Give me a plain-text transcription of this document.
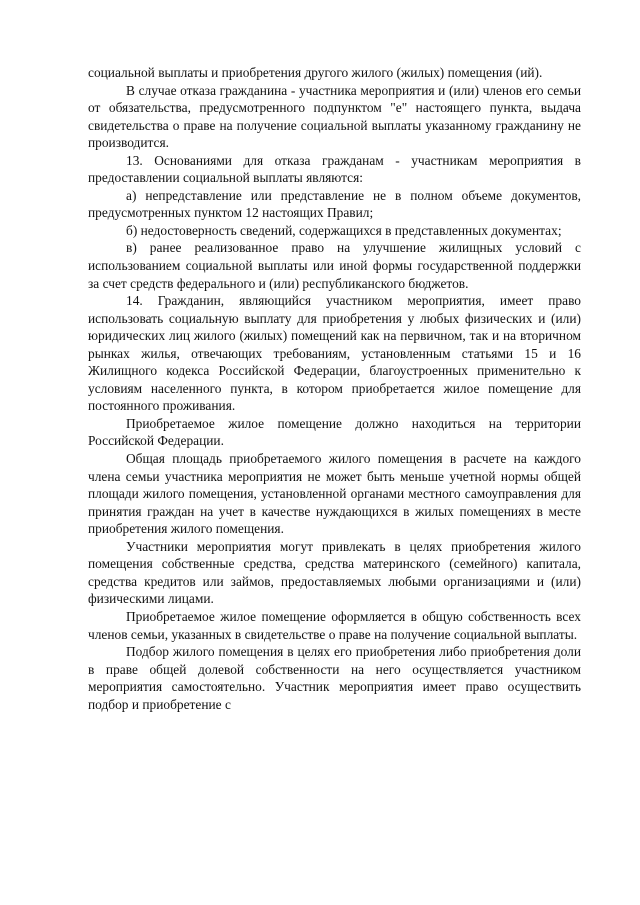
социальной выплаты и приобретения другого жилого (жилых) помещения (ий).

В случае отказа гражданина - участника мероприятия и (или) членов его семьи от обязательства, предусмотренного подпунктом "е" настоящего пункта, выдача свидетельства о праве на получение социальной выплаты указанному гражданину не производится.

13. Основаниями для отказа гражданам - участникам мероприятия в предоставлении социальной выплаты являются:

а) непредставление или представление не в полном объеме документов, предусмотренных пунктом 12 настоящих Правил;

б) недостоверность сведений, содержащихся в представленных документах;

в) ранее реализованное право на улучшение жилищных условий с использованием социальной выплаты или иной формы государственной поддержки за счет средств федерального и (или) республиканского бюджетов.

14. Гражданин, являющийся участником мероприятия, имеет право использовать социальную выплату для приобретения у любых физических и (или) юридических лиц жилого (жилых) помещений как на первичном, так и на вторичном рынках жилья, отвечающих требованиям, установленным статьями 15 и 16 Жилищного кодекса Российской Федерации, благоустроенных применительно к условиям населенного пункта, в котором приобретается жилое помещение для постоянного проживания.

Приобретаемое жилое помещение должно находиться на территории Российской Федерации.

Общая площадь приобретаемого жилого помещения в расчете на каждого члена семьи участника мероприятия не может быть меньше учетной нормы общей площади жилого помещения, установленной органами местного самоуправления для принятия граждан на учет в качестве нуждающихся в жилых помещениях в месте приобретения жилого помещения.

Участники мероприятия могут привлекать в целях приобретения жилого помещения собственные средства, средства материнского (семейного) капитала, средства кредитов или займов, предоставляемых любыми организациями и (или) физическими лицами.

Приобретаемое жилое помещение оформляется в общую собственность всех членов семьи, указанных в свидетельстве о праве на получение социальной выплаты.

Подбор жилого помещения в целях его приобретения либо приобретения доли в праве общей долевой собственности на него осуществляется участником мероприятия самостоятельно. Участник мероприятия имеет право осуществить подбор и приобретение с
